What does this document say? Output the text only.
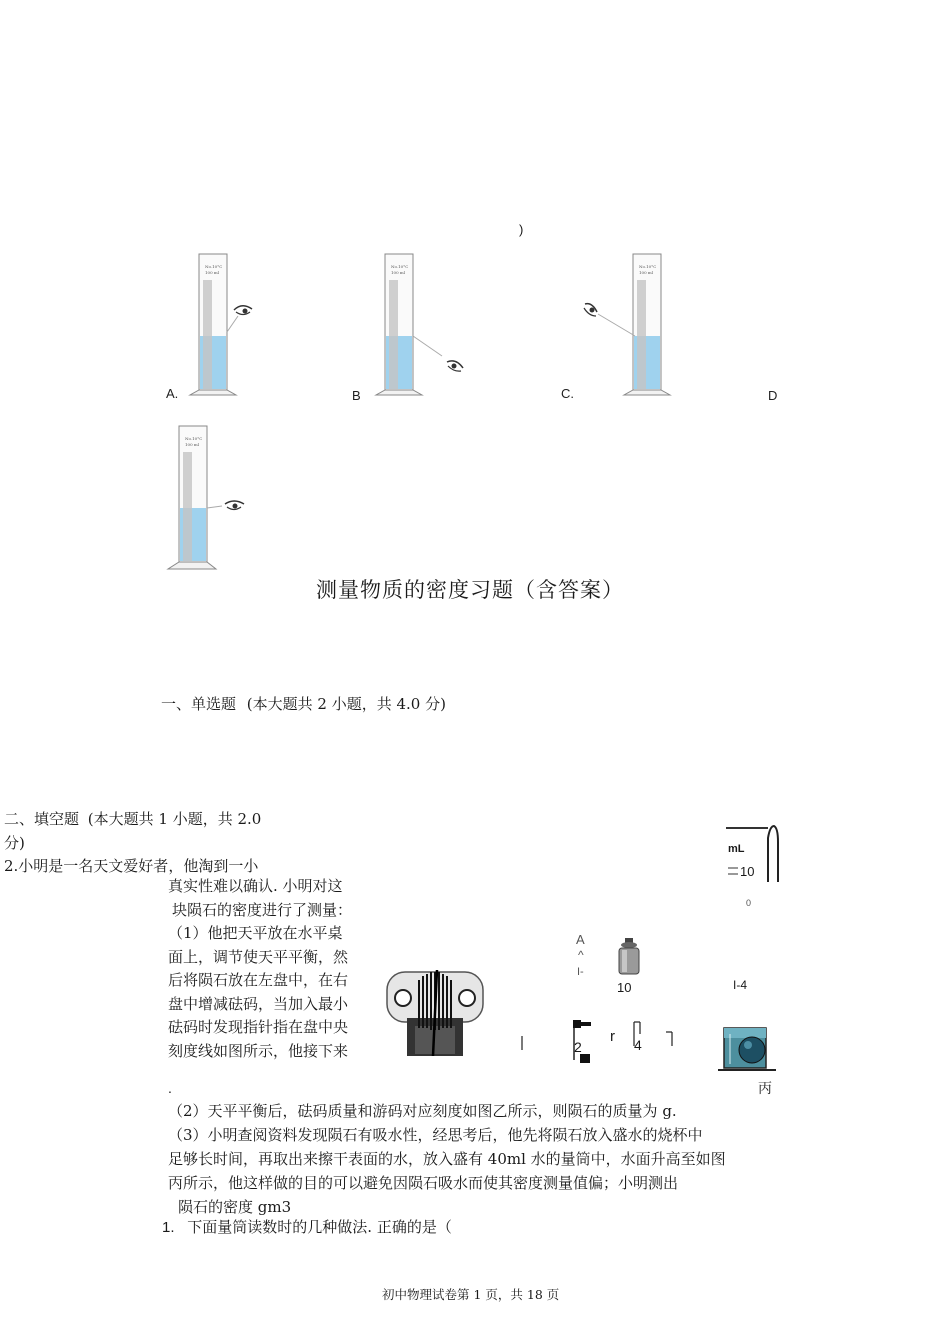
)
No.10°C
100 ml
A.
No.10°C
100 ml
B
No.10°C
100 ml
C.	D
No.10°C
100 ml
测量物质的密度习题（含答案）
一、单选题 (本大题共 2 小题，共 4.0 分)
二、填空题 (本大题共 1 小题，共 2.0
分)
2.小明是一名天文爱好者，他淘到一小
真实性难以确认. 小明对这
块陨石的密度进行了测量：
（1）他把天平放在水平桌
面上，调节使天平平衡，然
后将陨石放在左盘中，在右
盘中增减砝码，当加入最小
砝码时发现指针指在盘中央
刻度线如图所示，他接下来
.
A
^
I-
10
2
r 4
mL
10
0
I-4
丙
（2）天平平衡后，砝码质量和游码对应刻度如图乙所示，则陨石的质量为 g.
（3）小明查阅资料发现陨石有吸水性，经思考后，他先将陨石放入盛水的烧杯中
足够长时间，再取出来擦干表面的水，放入盛有 40ml 水的量筒中，水面升高至如图
丙所示，他这样做的目的可以避免因陨石吸水而使其密度测量值偏；小明测出
陨石的密度 gm3
1. 下面量筒读数时的几种做法. 正确的是（
初中物理试卷第 1 页，共 18 页
